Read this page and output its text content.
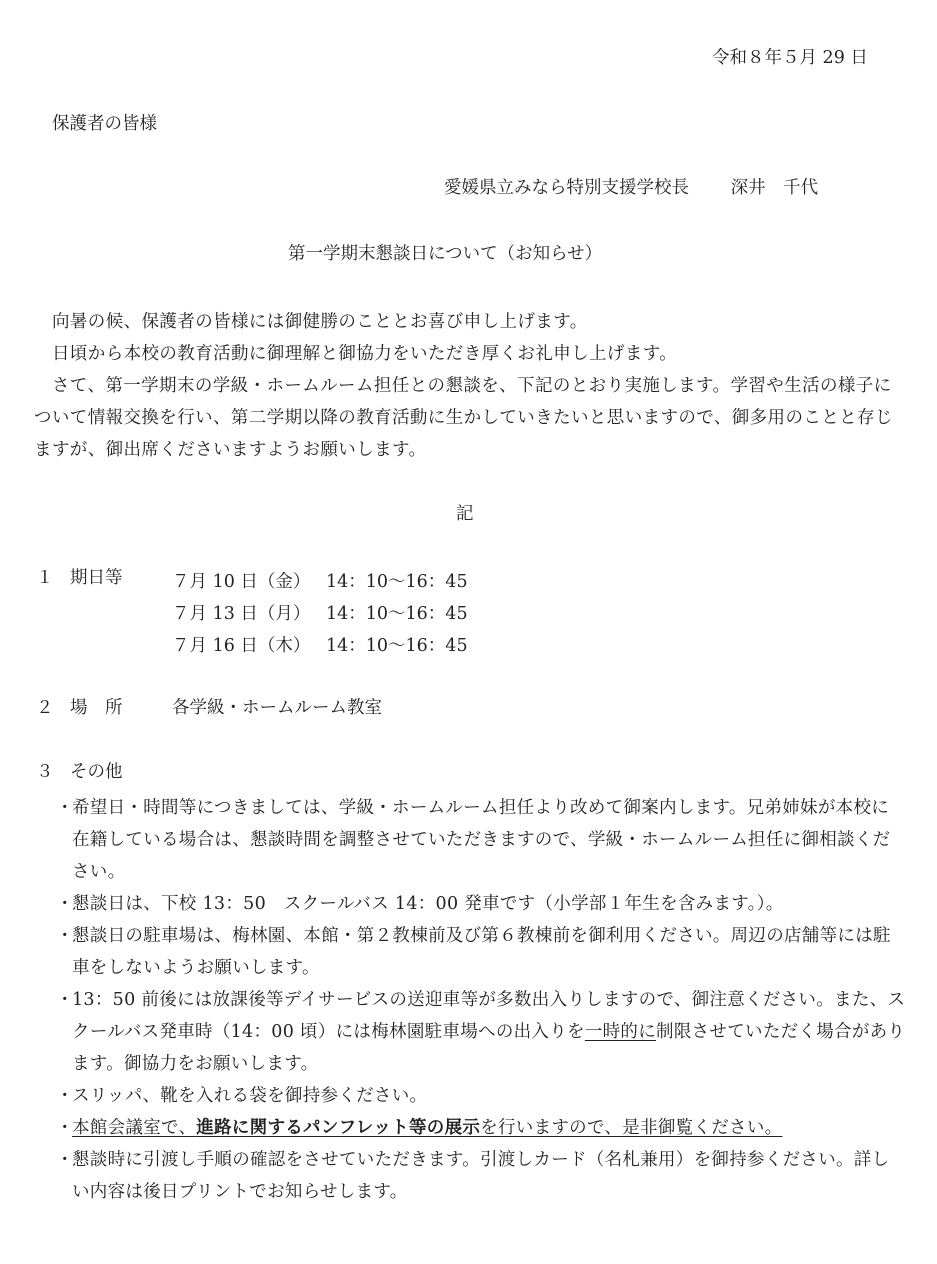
令和８年５月 29 日
保護者の皆様
愛媛県立みなら特別支援学校長 深井　千代
第一学期末懇談日について（お知らせ）
向暑の候、保護者の皆様には御健勝のこととお喜び申し上げます。
日頃から本校の教育活動に御理解と御協力をいただき厚くお礼申し上げます。
さて、第一学期末の学級・ホームルーム担任との懇談を、下記のとおり実施します。学習や生活の様子について情報交換を行い、第二学期以降の教育活動に生かしていきたいと思いますので、御多用のことと存じますが、御出席くださいますようお願いします。
記
１ 期日等	７月 10 日（金） 14：10～16：45
７月 13 日（月） 14：10～16：45
７月 16 日（木） 14：10～16：45
２ 場　所	各学級・ホームルーム教室
３ その他
・
希望日・時間等につきましては、学級・ホームルーム担任より改めて御案内します。兄弟姉妹が本校に在籍している場合は、懇談時間を調整させていただきますので、学級・ホームルーム担任に御相談ください。
・
懇談日は、下校 13：50　スクールバス 14：00 発車です（小学部１年生を含みます。）。
・
懇談日の駐車場は、梅林園、本館・第２教棟前及び第６教棟前を御利用ください。周辺の店舗等には駐車をしないようお願いします。
・
13：50 前後には放課後等デイサービスの送迎車等が多数出入りしますので、御注意ください。また、スクールバス発車時（14：00 頃）には梅林園駐車場への出入りを一時的に制限させていただく場合があります。御協力をお願いします。
・
スリッパ、靴を入れる袋を御持参ください。
・
本館会議室で、進路に関するパンフレット等の展示を行いますので、是非御覧ください。
・
懇談時に引渡し手順の確認をさせていただきます。引渡しカード（名札兼用）を御持参ください。詳しい内容は後日プリントでお知らせします。
